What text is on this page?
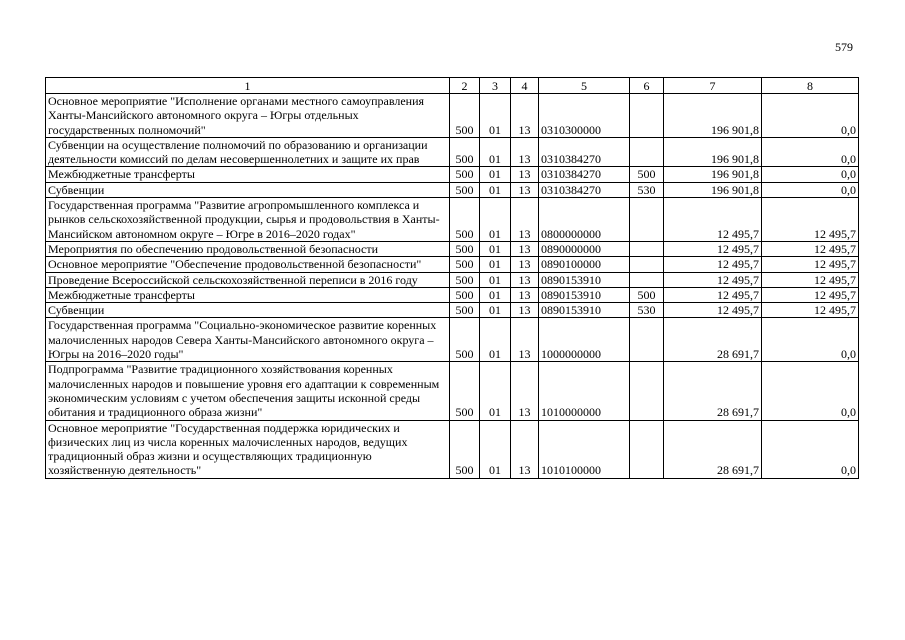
579
1	2	3	4	5	6	7	8
Основное мероприятие "Исполнение органами местного самоуправления Ханты-Мансийского автономного округа – Югры отдельных государственных полномочий"	500	01	13	0310300000		196 901,8	0,0
Субвенции на осуществление полномочий по образованию и организации деятельности комиссий по делам несовершеннолетних и защите их прав	500	01	13	0310384270		196 901,8	0,0
Межбюджетные трансферты	500	01	13	0310384270	500	196 901,8	0,0
Субвенции	500	01	13	0310384270	530	196 901,8	0,0
Государственная программа "Развитие агропромышленного комплекса и рынков сельскохозяйственной продукции, сырья и продовольствия в Ханты-Мансийском автономном округе – Югре в 2016–2020 годах"	500	01	13	0800000000		12 495,7	12 495,7
Мероприятия по обеспечению продовольственной безопасности	500	01	13	0890000000		12 495,7	12 495,7
Основное мероприятие "Обеспечение продовольственной безопасности"	500	01	13	0890100000		12 495,7	12 495,7
Проведение Всероссийской сельскохозяйственной переписи в 2016 году	500	01	13	0890153910		12 495,7	12 495,7
Межбюджетные трансферты	500	01	13	0890153910	500	12 495,7	12 495,7
Субвенции	500	01	13	0890153910	530	12 495,7	12 495,7
Государственная программа "Социально-экономическое развитие коренных малочисленных народов Севера Ханты-Мансийского автономного округа – Югры на 2016–2020 годы"	500	01	13	1000000000		28 691,7	0,0
Подпрограмма "Развитие традиционного хозяйствования коренных малочисленных народов и повышение уровня его адаптации к современным экономическим условиям с учетом обеспечения защиты исконной среды обитания и традиционного образа жизни"	500	01	13	1010000000		28 691,7	0,0
Основное мероприятие "Государственная поддержка юридических и физических лиц из числа коренных малочисленных народов, ведущих традиционный образ жизни и осуществляющих традиционную хозяйственную деятельность"	500	01	13	1010100000		28 691,7	0,0
